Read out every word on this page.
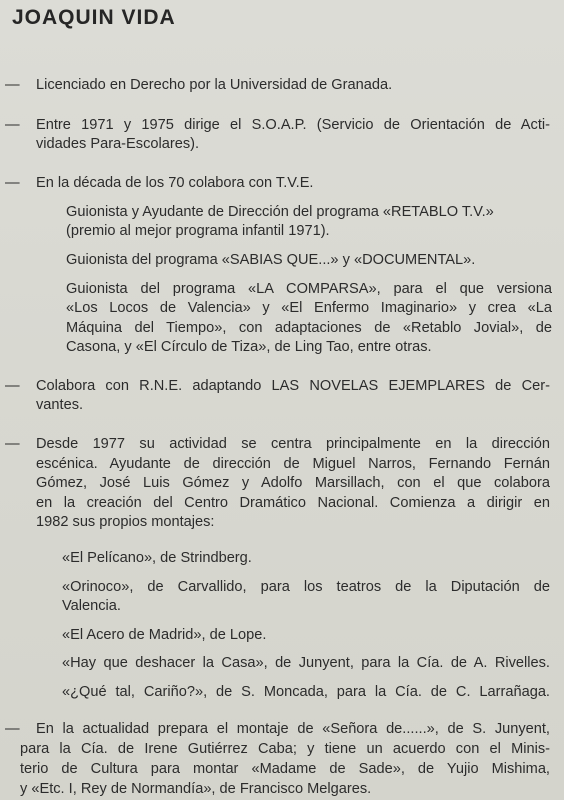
JOAQUIN VIDA
— Licenciado en Derecho por la Universidad de Granada.
— Entre 1971 y 1975 dirige el S.O.A.P. (Servicio de Orientación de Acti-
vidades Para-Escolares).
— En la década de los 70 colabora con T.V.E.
Guionista y Ayudante de Dirección del programa «RETABLO T.V.»
(premio al mejor programa infantil 1971).
Guionista del programa «SABIAS QUE...» y «DOCUMENTAL».
Guionista del programa «LA COMPARSA», para el que versiona
«Los Locos de Valencia» y «El Enfermo Imaginario» y crea «La
Máquina del Tiempo», con adaptaciones de «Retablo Jovial», de
Casona, y «El Círculo de Tiza», de Ling Tao, entre otras.
— Colabora con R.N.E. adaptando LAS NOVELAS EJEMPLARES de Cer-
vantes.
— Desde 1977 su actividad se centra principalmente en la dirección
escénica. Ayudante de dirección de Miguel Narros, Fernando Fernán
Gómez, José Luis Gómez y Adolfo Marsillach, con el que colabora
en la creación del Centro Dramático Nacional. Comienza a dirigir en
1982 sus propios montajes:
«El Pelícano», de Strindberg.
«Orinoco», de Carvallido, para los teatros de la Diputación de
Valencia.
«El Acero de Madrid», de Lope.
«Hay que deshacer la Casa», de Junyent, para la Cía. de A. Rivelles.
«¿Qué tal, Cariño?», de S. Moncada, para la Cía. de C. Larrañaga.
— En la actualidad prepara el montaje de «Señora de......», de S. Junyent,
para la Cía. de Irene Gutiérrez Caba; y tiene un acuerdo con el Minis-
terio de Cultura para montar «Madame de Sade», de Yujio Mishima,
y «Etc. I, Rey de Normandía», de Francisco Melgares.
